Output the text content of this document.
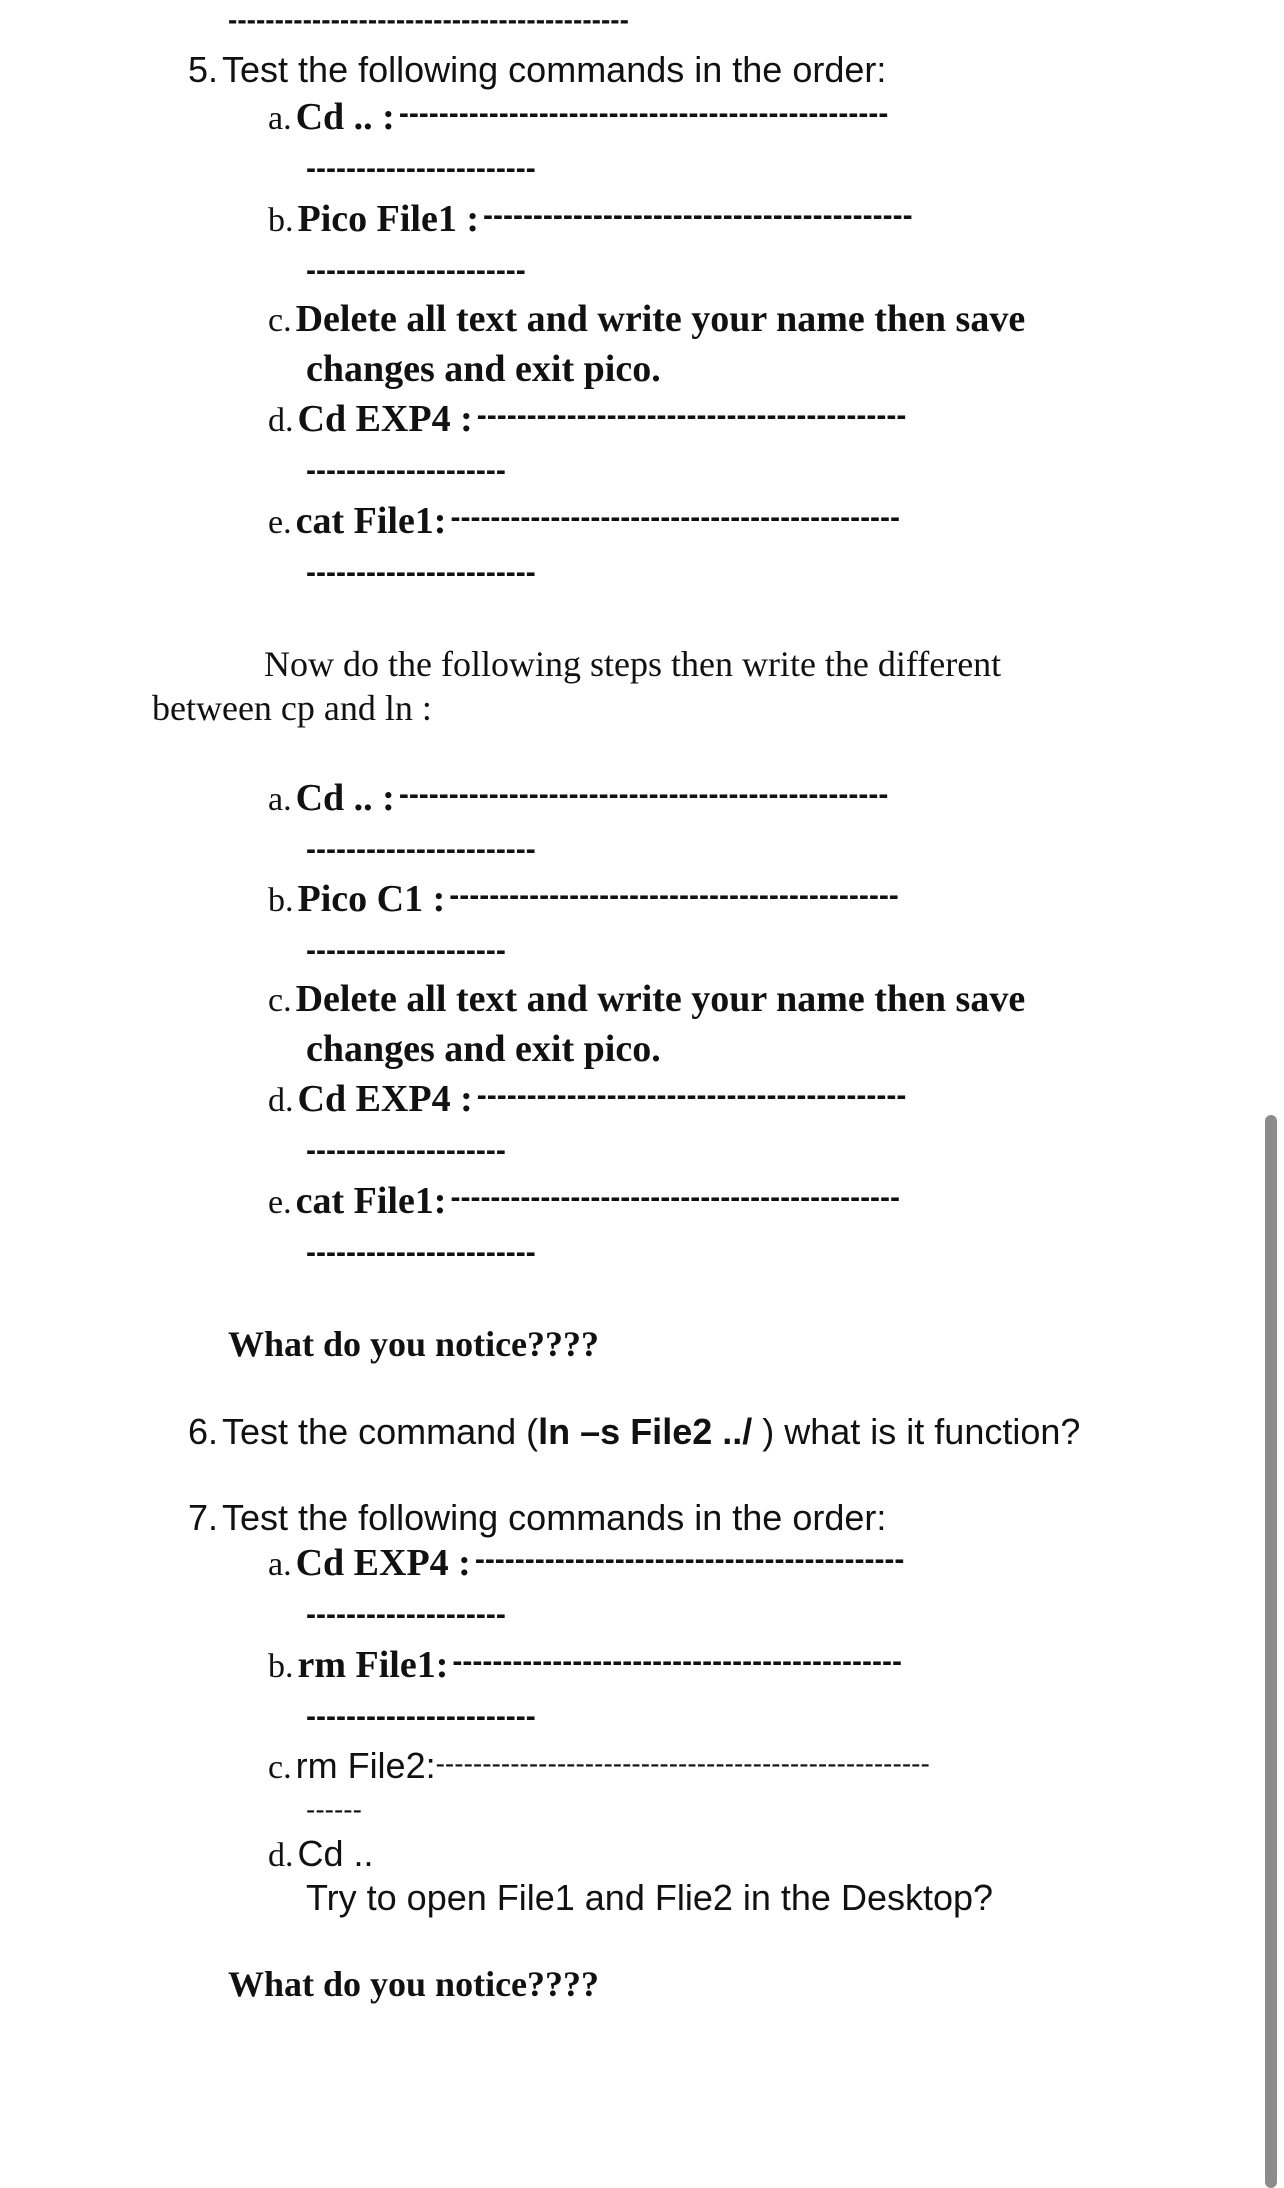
-------------------------------------------
5. Test the following commands in the order:
a. Cd .. : -------------------------------------------------
-----------------------
b. Pico File1 : -------------------------------------------
----------------------
c. Delete all text and write your name then save
changes and exit pico.
d. Cd EXP4 : -------------------------------------------
--------------------
e. cat File1: ---------------------------------------------
-----------------------
Now do the following steps then write the different
between cp and ln :
a. Cd .. : -------------------------------------------------
-----------------------
b. Pico C1 : ---------------------------------------------
--------------------
c. Delete all text and write your name then save
changes and exit pico.
d. Cd EXP4 : -------------------------------------------
--------------------
e. cat File1: ---------------------------------------------
-----------------------
What do you notice????
6. Test the command (ln –s File2 ../ ) what is it function?
7. Test the following commands in the order:
a. Cd EXP4 : -------------------------------------------
--------------------
b. rm File1: ---------------------------------------------
-----------------------
c. rm File2:-----------------------------------------------------
------
d. Cd ..
Try to open File1 and Flie2 in the Desktop?
What do you notice????
